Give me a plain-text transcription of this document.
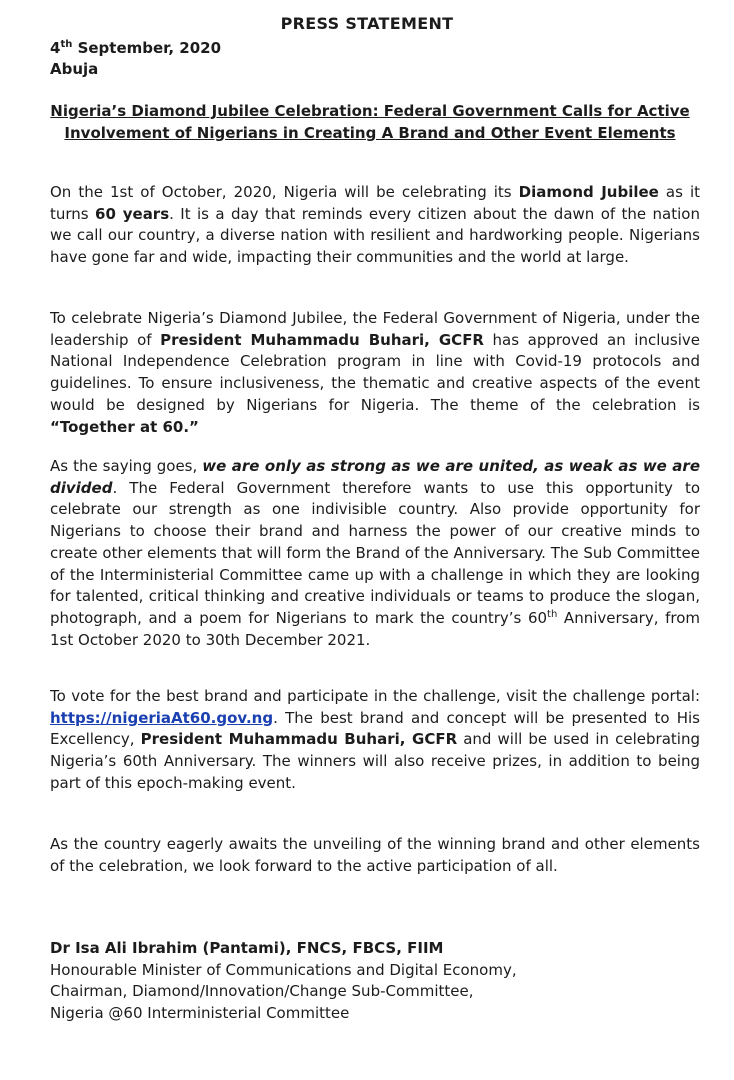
PRESS STATEMENT
4th September, 2020
Abuja
Nigeria’s Diamond Jubilee Celebration: Federal Government Calls for Active Involvement of Nigerians in Creating A Brand and Other Event Elements
On the 1st of October, 2020, Nigeria will be celebrating its Diamond Jubilee as it turns 60 years. It is a day that reminds every citizen about the dawn of the nation we call our country, a diverse nation with resilient and hardworking people. Nigerians have gone far and wide, impacting their communities and the world at large.
To celebrate Nigeria’s Diamond Jubilee, the Federal Government of Nigeria, under the leadership of President Muhammadu Buhari, GCFR has approved an inclusive National Independence Celebration program in line with Covid-19 protocols and guidelines. To ensure inclusiveness, the thematic and creative aspects of the event would be designed by Nigerians for Nigeria. The theme of the celebration is “Together at 60.”
As the saying goes, we are only as strong as we are united, as weak as we are divided. The Federal Government therefore wants to use this opportunity to celebrate our strength as one indivisible country. Also provide opportunity for Nigerians to choose their brand and harness the power of our creative minds to create other elements that will form the Brand of the Anniversary. The Sub Committee of the Interministerial Committee came up with a challenge in which they are looking for talented, critical thinking and creative individuals or teams to produce the slogan, photograph, and a poem for Nigerians to mark the country’s 60th Anniversary, from 1st October 2020 to 30th December 2021.
To vote for the best brand and participate in the challenge, visit the challenge portal: https://nigeriaAt60.gov.ng. The best brand and concept will be presented to His Excellency, President Muhammadu Buhari, GCFR and will be used in celebrating Nigeria’s 60th Anniversary. The winners will also receive prizes, in addition to being part of this epoch-making event.
As the country eagerly awaits the unveiling of the winning brand and other elements of the celebration, we look forward to the active participation of all.
Dr Isa Ali Ibrahim (Pantami), FNCS, FBCS, FIIM
Honourable Minister of Communications and Digital Economy,
Chairman, Diamond/Innovation/Change Sub-Committee,
Nigeria @60 Interministerial Committee
